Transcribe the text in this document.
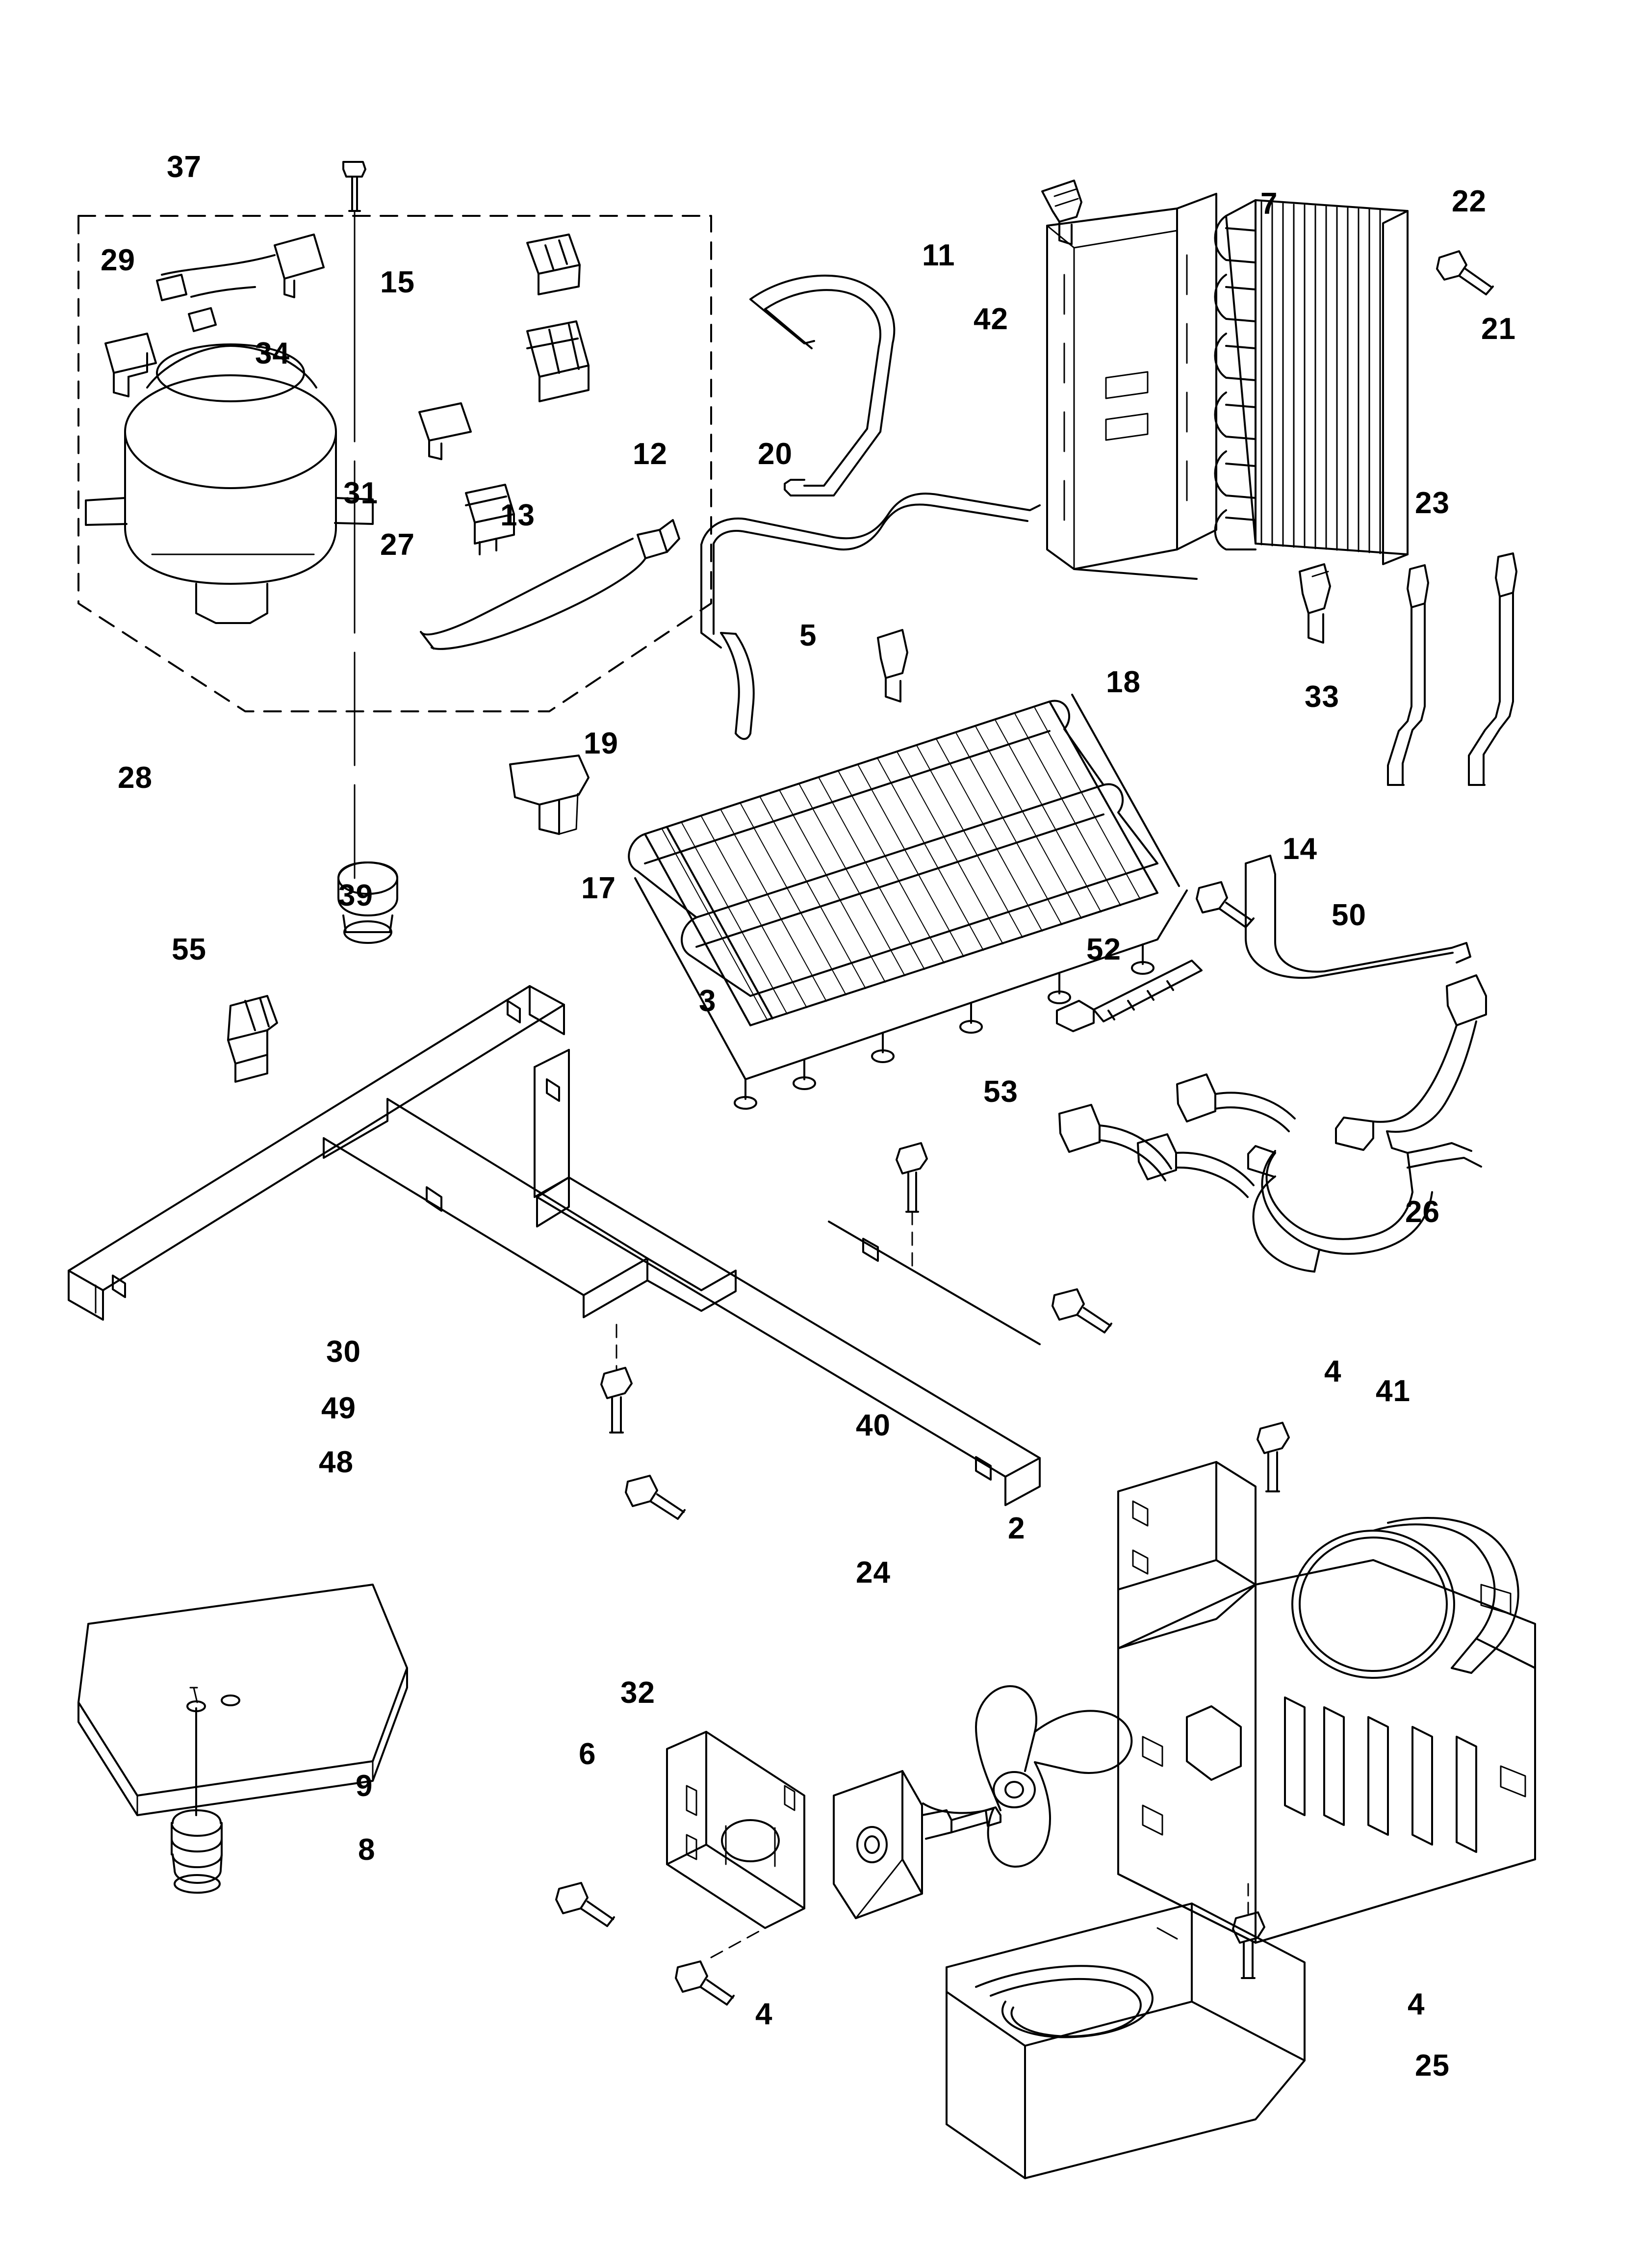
37
29
15
34
12
31
13
27
28
11
42
7	22
21
20
23
5
18	33
19
17
39
3
14
50
52
55
53
26
30
49
48
40
4
41
2
24
32
6
9
8
4	4
25
